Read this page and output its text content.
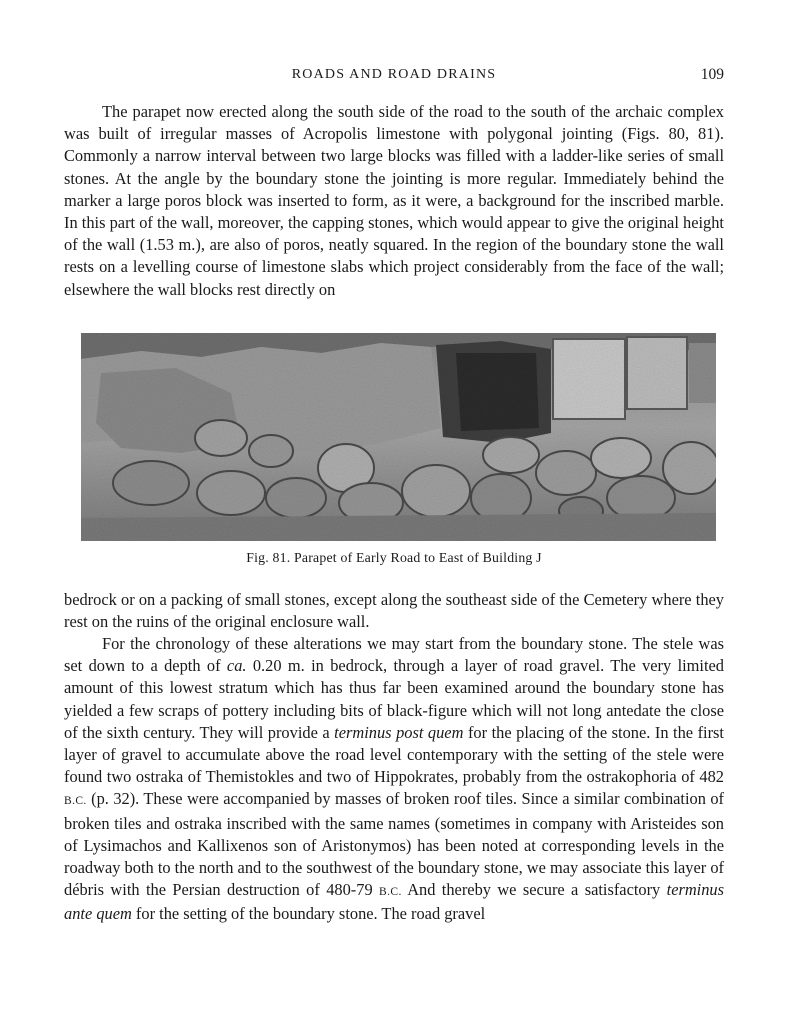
ROADS AND ROAD DRAINS	109

The parapet now erected along the south side of the road to the south of the archaic complex was built of irregular masses of Acropolis limestone with polygonal jointing (Figs. 80, 81). Commonly a narrow interval between two large blocks was filled with a ladder-like series of small stones. At the angle by the boundary stone the jointing is more regular. Immediately behind the marker a large poros block was inserted to form, as it were, a background for the inscribed marble. In this part of the wall, moreover, the capping stones, which would appear to give the original height of the wall (1.53 m.), are also of poros, neatly squared. In the region of the boundary stone the wall rests on a levelling course of limestone slabs which project considerably from the face of the wall; elsewhere the wall blocks rest directly on

Fig. 81. Parapet of Early Road to East of Building J

bedrock or on a packing of small stones, except along the southeast side of the Cemetery where they rest on the ruins of the original enclosure wall.

For the chronology of these alterations we may start from the boundary stone. The stele was set down to a depth of ca. 0.20 m. in bedrock, through a layer of road gravel. The very limited amount of this lowest stratum which has thus far been examined around the boundary stone has yielded a few scraps of pottery including bits of black-figure which will not long antedate the close of the sixth century. They will provide a terminus post quem for the placing of the stone. In the first layer of gravel to accumulate above the road level contemporary with the setting of the stele were found two ostraka of Themistokles and two of Hippokrates, probably from the ostrakophoria of 482 B.C. (p. 32). These were accompanied by masses of broken roof tiles. Since a similar combination of broken tiles and ostraka inscribed with the same names (sometimes in company with Aristeides son of Lysimachos and Kallixenos son of Aristonymos) has been noted at corresponding levels in the roadway both to the north and to the southwest of the boundary stone, we may associate this layer of débris with the Persian destruction of 480-79 B.C. And thereby we secure a satisfactory terminus ante quem for the setting of the boundary stone. The road gravel
